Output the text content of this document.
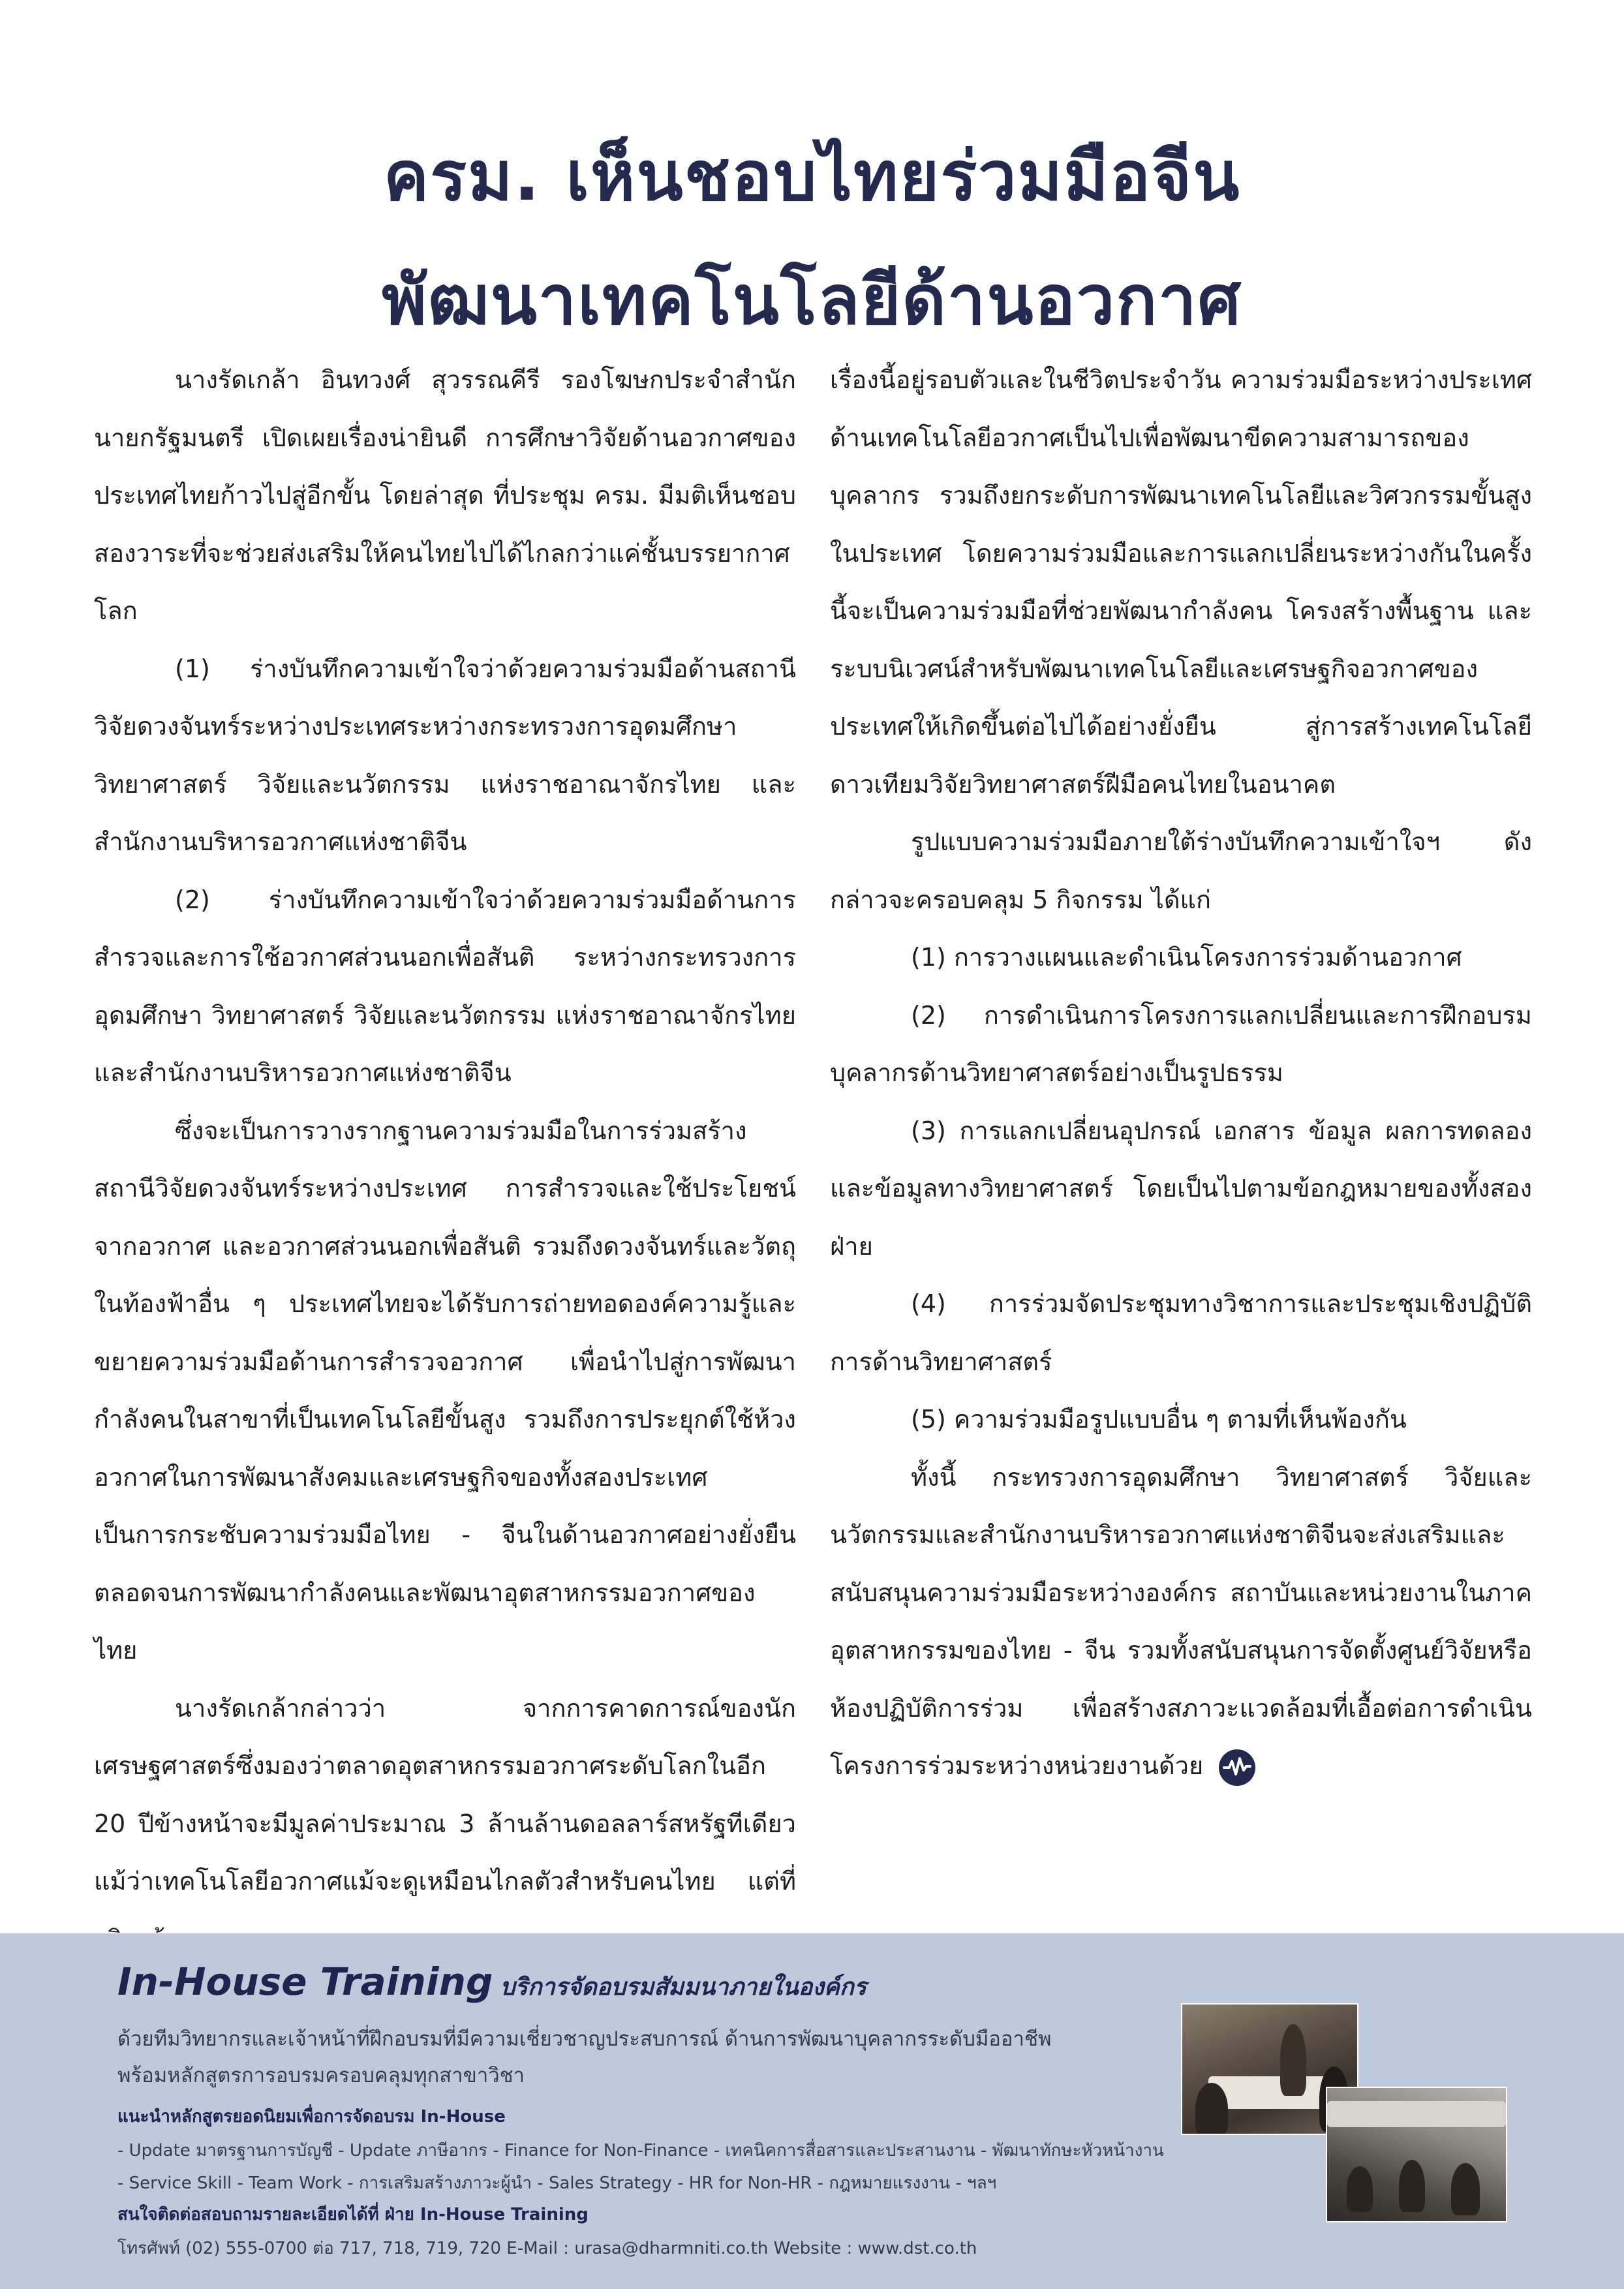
ครม. เห็นชอบไทยร่วมมือจีน
พัฒนาเทคโนโลยีด้านอวกาศ

นางรัดเกล้า อินทวงศ์ สุวรรณคีรี รองโฆษกประจำสำนักนายกรัฐมนตรี เปิดเผยเรื่องน่ายินดี การศึกษาวิจัยด้านอวกาศของประเทศไทยก้าวไปสู่อีกขั้น โดยล่าสุด ที่ประชุม ครม. มีมติเห็นชอบสองวาระที่จะช่วยส่งเสริมให้คนไทยไปได้ไกลกว่าแค่ชั้นบรรยากาศโลก

(1) ร่างบันทึกความเข้าใจว่าด้วยความร่วมมือด้านสถานีวิจัยดวงจันทร์ระหว่างประเทศระหว่างกระทรวงการอุดมศึกษา วิทยาศาสตร์ วิจัยและนวัตกรรม แห่งราชอาณาจักรไทย และสำนักงานบริหารอวกาศแห่งชาติจีน

(2) ร่างบันทึกความเข้าใจว่าด้วยความร่วมมือด้านการสำรวจและการใช้อวกาศส่วนนอกเพื่อสันติ ระหว่างกระทรวงการอุดมศึกษา วิทยาศาสตร์ วิจัยและนวัตกรรม แห่งราชอาณาจักรไทย และสำนักงานบริหารอวกาศแห่งชาติจีน

ซึ่งจะเป็นการวางรากฐานความร่วมมือในการร่วมสร้างสถานีวิจัยดวงจันทร์ระหว่างประเทศ การสำรวจและใช้ประโยชน์จากอวกาศ และอวกาศส่วนนอกเพื่อสันติ รวมถึงดวงจันทร์และวัตถุในท้องฟ้าอื่น ๆ ประเทศไทยจะได้รับการถ่ายทอดองค์ความรู้และขยายความร่วมมือด้านการสำรวจอวกาศ เพื่อนำไปสู่การพัฒนากำลังคนในสาขาที่เป็นเทคโนโลยีขั้นสูง รวมถึงการประยุกต์ใช้ห้วงอวกาศในการพัฒนาสังคมและเศรษฐกิจของทั้งสองประเทศ เป็นการกระชับความร่วมมือไทย - จีนในด้านอวกาศอย่างยั่งยืน ตลอดจนการพัฒนากำลังคนและพัฒนาอุตสาหกรรมอวกาศของไทย

นางรัดเกล้ากล่าวว่า จากการคาดการณ์ของนักเศรษฐศาสตร์ซึ่งมองว่าตลาดอุตสาหกรรมอวกาศระดับโลกในอีก 20 ปีข้างหน้าจะมีมูลค่าประมาณ 3 ล้านล้านดอลลาร์สหรัฐทีเดียว แม้ว่าเทคโนโลยีอวกาศแม้จะดูเหมือนไกลตัวสำหรับคนไทย แต่ที่

เรื่องนี้อยู่รอบตัวและในชีวิตประจำวัน ความร่วมมือระหว่างประเทศด้านเทคโนโลยีอวกาศเป็นไปเพื่อพัฒนาขีดความสามารถของบุคลากร รวมถึงยกระดับการพัฒนาเทคโนโลยีและวิศวกรรมขั้นสูงในประเทศ โดยความร่วมมือและการแลกเปลี่ยนระหว่างกันในครั้งนี้จะเป็นความร่วมมือที่ช่วยพัฒนากำลังคน โครงสร้างพื้นฐาน และระบบนิเวศน์สำหรับพัฒนาเทคโนโลยีและเศรษฐกิจอวกาศของประเทศให้เกิดขึ้นต่อไปได้อย่างยั่งยืน สู่การสร้างเทคโนโลยีดาวเทียมวิจัยวิทยาศาสตร์ฝีมือคนไทยในอนาคต

รูปแบบความร่วมมือภายใต้ร่างบันทึกความเข้าใจฯ ดังกล่าวจะครอบคลุม 5 กิจกรรม ได้แก่

(1) การวางแผนและดำเนินโครงการร่วมด้านอวกาศ

(2) การดำเนินการโครงการแลกเปลี่ยนและการฝึกอบรมบุคลากรด้านวิทยาศาสตร์อย่างเป็นรูปธรรม

(3) การแลกเปลี่ยนอุปกรณ์ เอกสาร ข้อมูล ผลการทดลองและข้อมูลทางวิทยาศาสตร์ โดยเป็นไปตามข้อกฎหมายของทั้งสองฝ่าย

(4) การร่วมจัดประชุมทางวิชาการและประชุมเชิงปฏิบัติการด้านวิทยาศาสตร์

(5) ความร่วมมือรูปแบบอื่น ๆ ตามที่เห็นพ้องกัน

ทั้งนี้ กระทรวงการอุดมศึกษา วิทยาศาสตร์ วิจัยและนวัตกรรมและสำนักงานบริหารอวกาศแห่งชาติจีนจะส่งเสริมและสนับสนุนความร่วมมือระหว่างองค์กร สถาบันและหน่วยงานในภาคอุตสาหกรรมของไทย - จีน รวมทั้งสนับสนุนการจัดตั้งศูนย์วิจัยหรือห้องปฏิบัติการร่วม เพื่อสร้างสภาวะแวดล้อมที่เอื้อต่อการดำเนินโครงการร่วมระหว่างหน่วยงานด้วย

In-House Training บริการจัดอบรมสัมมนาภายในองค์กร
ด้วยทีมวิทยากรและเจ้าหน้าที่ฝึกอบรมที่มีความเชี่ยวชาญประสบการณ์ ด้านการพัฒนาบุคลากรระดับมืออาชีพ
พร้อมหลักสูตรการอบรมครอบคลุมทุกสาขาวิชา
แนะนำหลักสูตรยอดนิยมเพื่อการจัดอบรม In-House
- Update มาตรฐานการบัญชี - Update ภาษีอากร - Finance for Non-Finance - เทคนิคการสื่อสารและประสานงาน - พัฒนาทักษะหัวหน้างาน
- Service Skill - Team Work - การเสริมสร้างภาวะผู้นำ - Sales Strategy - HR for Non-HR - กฎหมายแรงงาน - ฯลฯ
สนใจติดต่อสอบถามรายละเอียดได้ที่ ฝ่าย In-House Training
โทรศัพท์ (02) 555-0700 ต่อ 717, 718, 719, 720 E-Mail : urasa@dharmniti.co.th Website : www.dst.co.th
